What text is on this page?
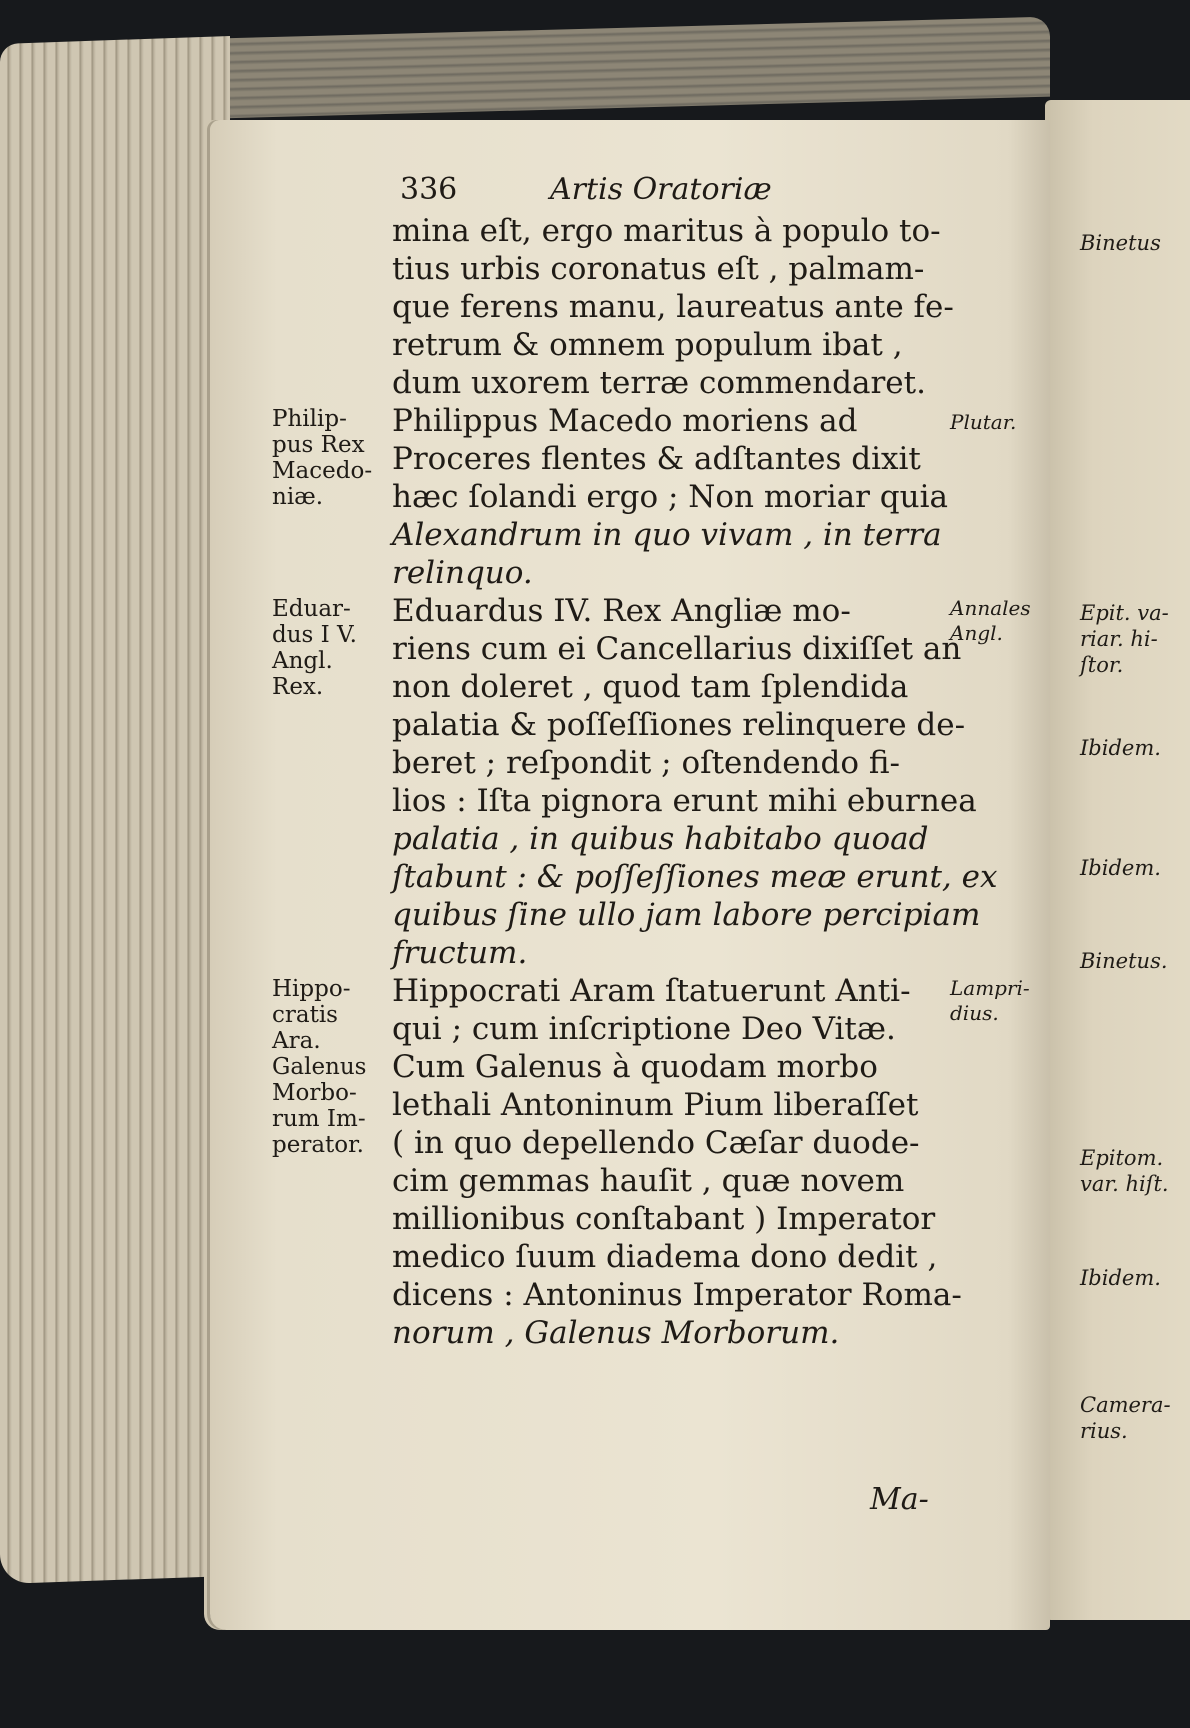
336	Artis Oratoriæ
mina eſt, ergo maritus à populo to-
tius urbis coronatus eſt , palmam-
que ferens manu, laureatus ante fe-
retrum & omnem populum ibat ,
dum uxorem terræ commendaret.
Philippus Macedo moriens ad
Proceres flentes & adſtantes dixit
hæc ſolandi ergo ; Non moriar quia
Alexandrum in quo vivam , in terra
relinquo.
Eduardus IV. Rex Angliæ mo-
riens cum ei Cancellarius dixiſſet an
non doleret , quod tam ſplendida
palatia & poſſeſſiones relinquere de-
beret ; reſpondit ; oſtendendo fi-
lios : Iſta pignora erunt mihi eburnea
palatia , in quibus habitabo quoad
ſtabunt : & poſſeſſiones meæ erunt, ex
quibus ſine ullo jam labore percipiam
fructum.
Hippocrati Aram ſtatuerunt Anti-
qui ; cum inſcriptione Deo Vitæ.
Cum Galenus à quodam morbo
lethali Antoninum Pium liberaſſet
( in quo depellendo Cæſar duode-
cim gemmas hauſit , quæ novem
millionibus conſtabant ) Imperator
medico ſuum diadema dono dedit ,
dicens : Antoninus Imperator Roma-
norum , Galenus Morborum.
Ma-
Philip-
pus Rex
Macedo-
niæ.
Eduar-
dus I V.
Angl.
Rex.
Hippo-
cratis
Ara.
Galenus
Morbo-
rum Im-
perator.
Plutar.
Annales
Angl.
Lampri-
dius.
Binetus
Epit. va-
riar. hi-
ſtor.
Ibidem.
Ibidem.
Binetus.
Epitom.
var. hiſt.
Ibidem.
Camera-
rius.
